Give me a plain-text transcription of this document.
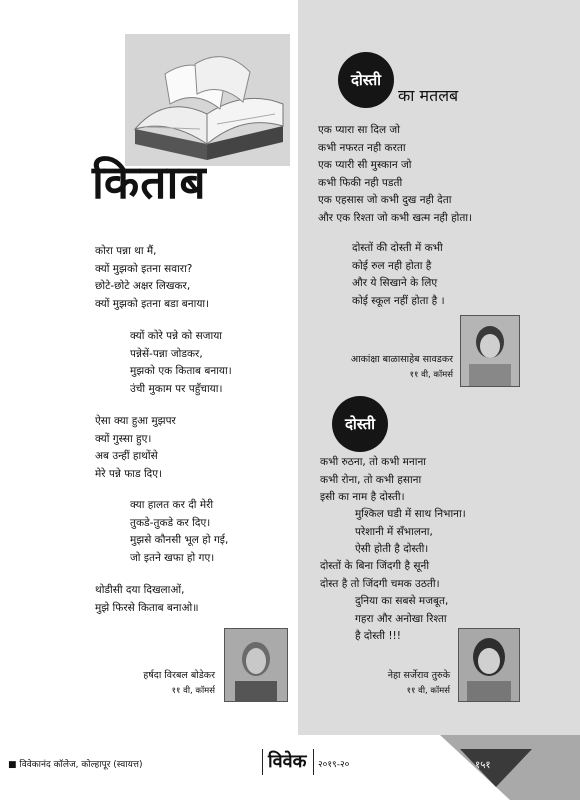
किताब
कोरा पन्ना था मैं,
क्यों मुझको इतना सवारा?
छोटे-छोटे अक्षर लिखकर,
क्यों मुझको इतना बडा बनाया।
क्यों कोरे पन्ने को सजाया
पन्नेसें-पन्ना जोडकर,
मुझको एक किताब बनाया।
उंची मुकाम पर पहुँचाया।
ऐसा क्या हुआ मुझपर
क्यों गुस्सा हुए।
अब उन्हीं हाथोंसे
मेरे पन्ने फाड दिए।
क्या हालत कर दी मेरी
तुकडे-तुकडे कर दिए।
मुझसे कौनसी भूल हो गई,
जो इतने खफा हो गए।
थोडीसी दया दिखलाओं,
मुझे फिरसे किताब बनाओ॥
हर्षदा विरबल बोडेकर
११ वी, कॉमर्स
दोस्ती
का मतलब
एक प्यारा सा दिल जो
कभी नफरत नही करता
एक प्यारी सी मुस्कान जो
कभी फिकी नही पडती
एक एहसास जो कभी दुख नही देता
और एक रिश्ता जो कभी खत्म नही होता।
दोस्तों की दोस्ती में कभी
कोई रुल नही होता है
और ये सिखाने के लिए
कोई स्कूल नहीं होता है ।
आकांक्षा बाळासाहेब सावडकर
११ वी, कॉमर्स
दोस्ती
कभी रुठना, तो कभी मनाना
कभी रोना, तो कभी हसाना
इसी का नाम है दोस्ती।
मुश्किल घडी में साथ निभाना।
परेशानी में सँभालना,
ऐसी होती है दोस्ती।
दोस्तों के बिना जिंदगी है सूनी
दोस्त है तो जिंदगी चमक उठती।
दुनिया का सबसे मजबूत,
गहरा और अनोखा रिश्ता
है दोस्ती !!!
नेहा सर्जेराव तुरुके
११ वी, कॉमर्स
■ विवेकानंद कॉलेज, कोल्हापूर (स्वायत्त)	विवेक २०१९-२०	१५१
